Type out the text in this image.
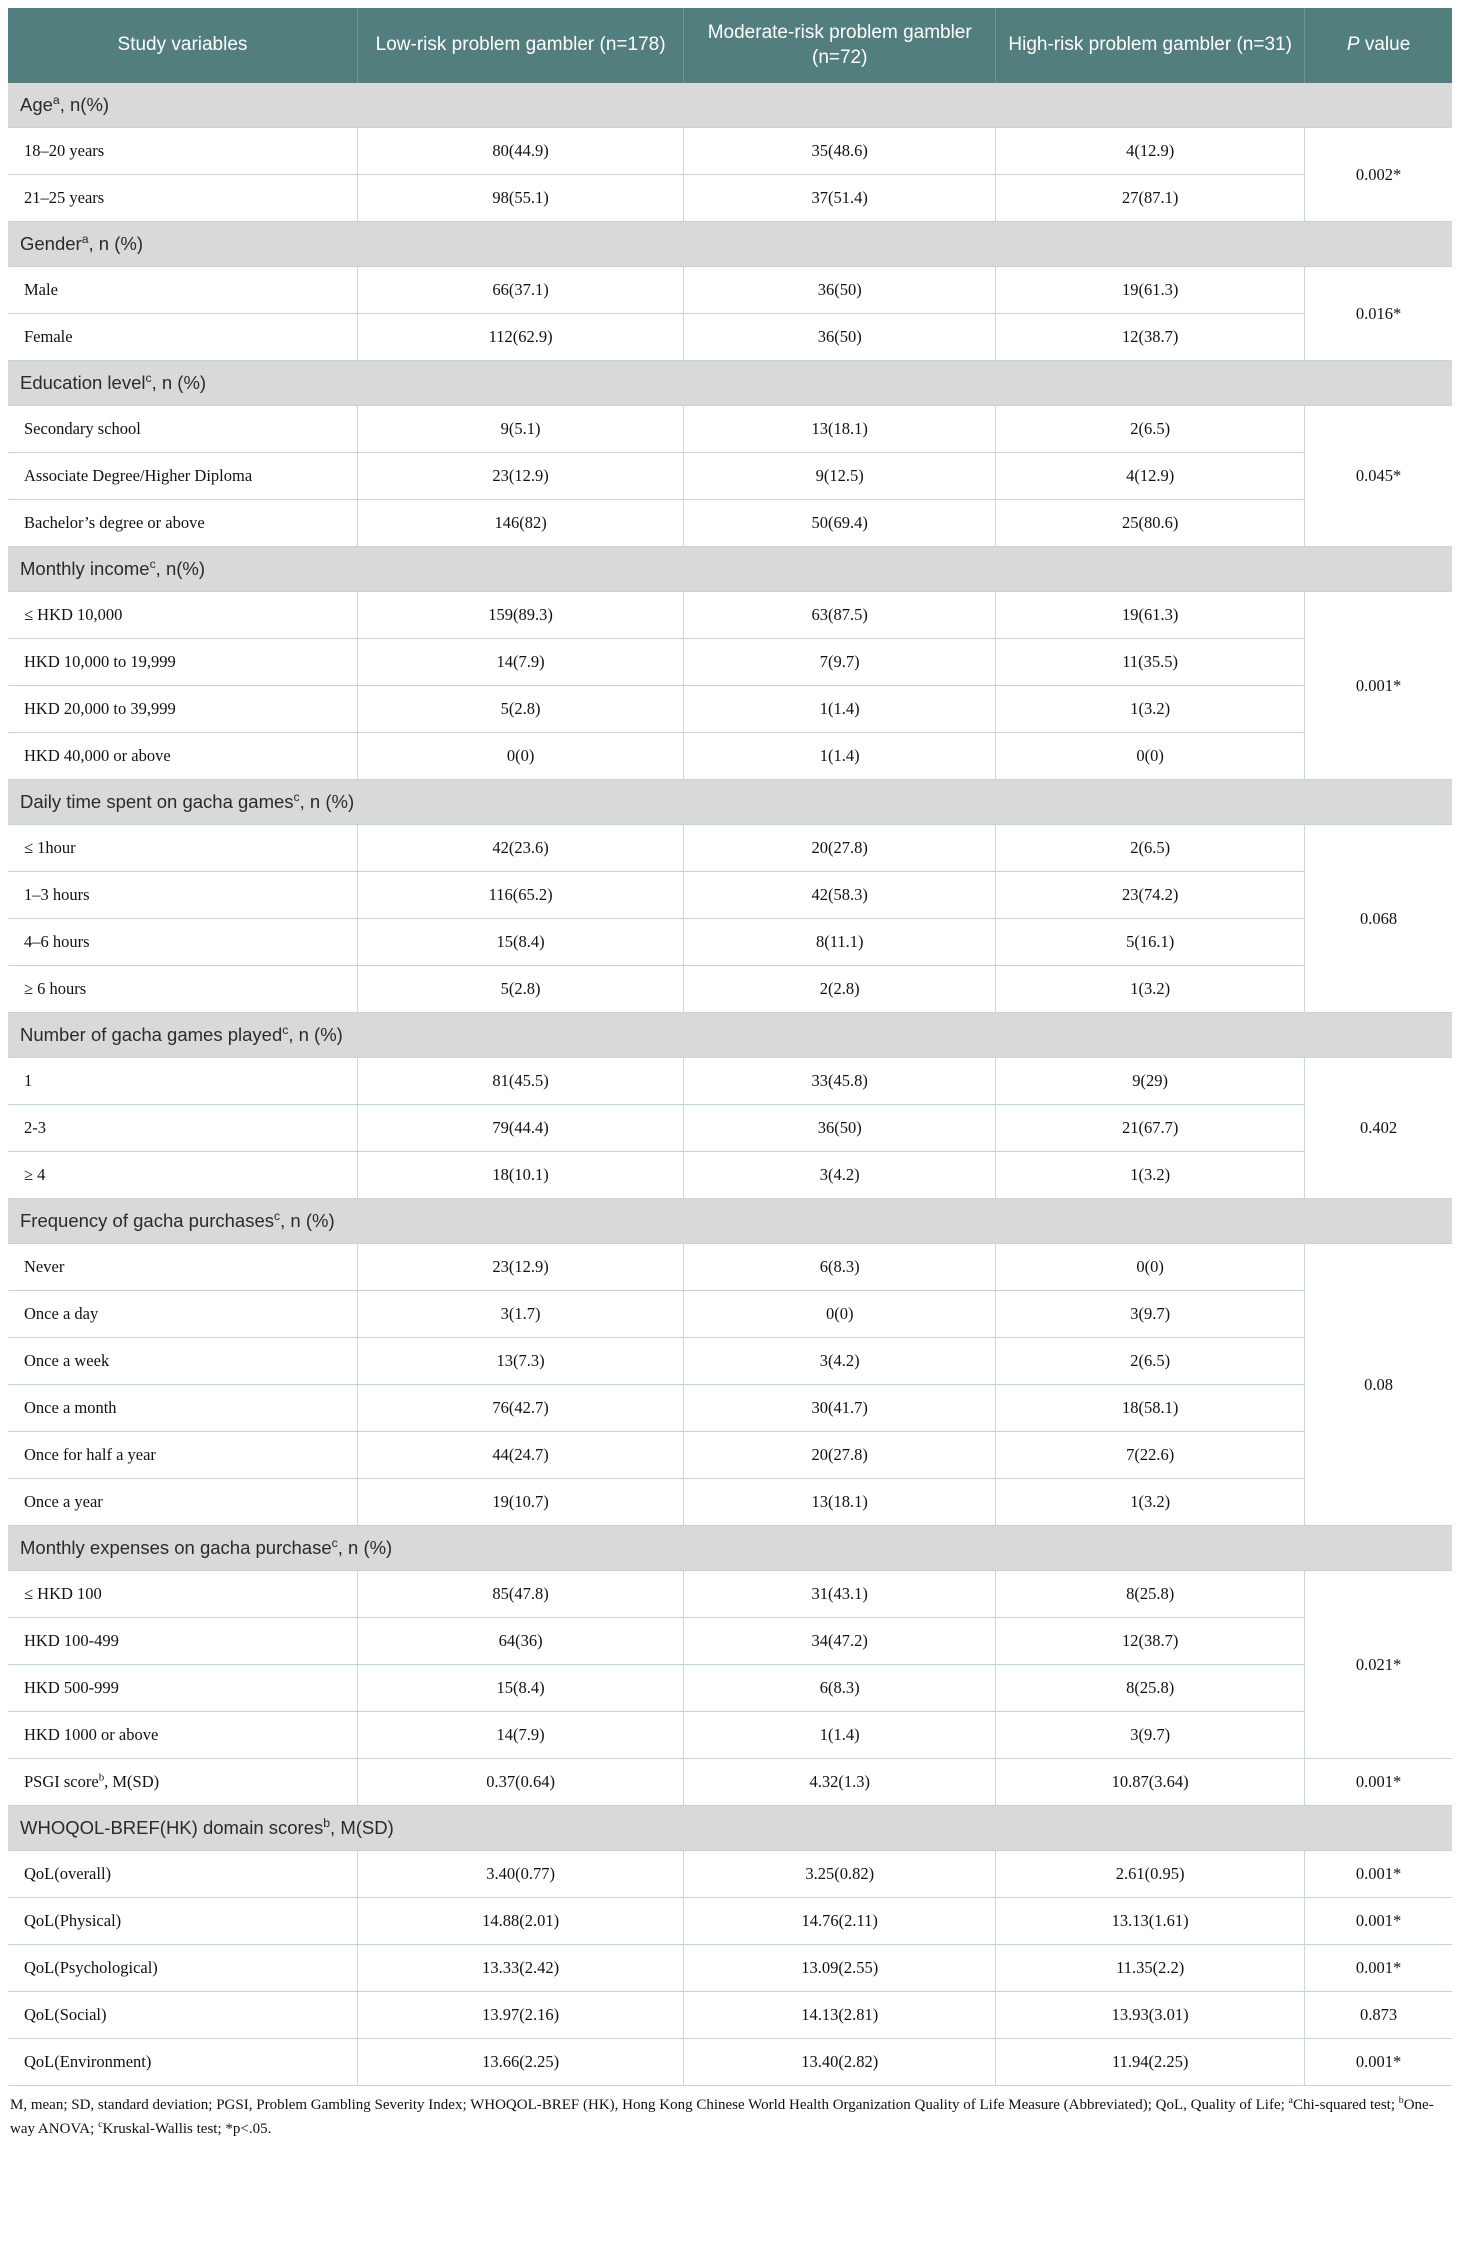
Study variables	Low-risk problem gambler (n=178)	Moderate-risk problem gambler (n=72)	High-risk problem gambler (n=31)	P value
Age$^a$, n(%)				
18–20 years	80(44.9)	35(48.6)	4(12.9)	0.002*
21–25 years	98(55.1)	37(51.4)	27(87.1)	
Gender$^a$, n (%)				
Male	66(37.1)	36(50)	19(61.3)	0.016*
Female	112(62.9)	36(50)	12(38.7)	
Education level$^c$, n (%)				
Secondary school	9(5.1)	13(18.1)	2(6.5)	0.045*
Associate Degree/Higher Diploma	23(12.9)	9(12.5)	4(12.9)	
Bachelor’s degree or above	146(82)	50(69.4)	25(80.6)	
Monthly income$^c$, n(%)				
≤ HKD 10,000	159(89.3)	63(87.5)	19(61.3)	0.001*
HKD 10,000 to 19,999	14(7.9)	7(9.7)	11(35.5)	
HKD 20,000 to 39,999	5(2.8)	1(1.4)	1(3.2)	
HKD 40,000 or above	0(0)	1(1.4)	0(0)	
Daily time spent on gacha games$^c$, n (%)				
≤ 1hour	42(23.6)	20(27.8)	2(6.5)	0.068
1–3 hours	116(65.2)	42(58.3)	23(74.2)	
4–6 hours	15(8.4)	8(11.1)	5(16.1)	
≥ 6 hours	5(2.8)	2(2.8)	1(3.2)	
Number of gacha games played$^c$, n (%)				
1	81(45.5)	33(45.8)	9(29)	0.402
2-3	79(44.4)	36(50)	21(67.7)	
≥ 4	18(10.1)	3(4.2)	1(3.2)	
Frequency of gacha purchases$^c$, n (%)				
Never	23(12.9)	6(8.3)	0(0)	0.08
Once a day	3(1.7)	0(0)	3(9.7)	
Once a week	13(7.3)	3(4.2)	2(6.5)	
Once a month	76(42.7)	30(41.7)	18(58.1)	
Once for half a year	44(24.7)	20(27.8)	7(22.6)	
Once a year	19(10.7)	13(18.1)	1(3.2)	
Monthly expenses on gacha purchase$^c$, n (%)				
≤ HKD 100	85(47.8)	31(43.1)	8(25.8)	0.021*
HKD 100-499	64(36)	34(47.2)	12(38.7)	
HKD 500-999	15(8.4)	6(8.3)	8(25.8)	
HKD 1000 or above	14(7.9)	1(1.4)	3(9.7)	
PSGI score$^b$, M(SD)	0.37(0.64)	4.32(1.3)	10.87(3.64)	0.001*
WHOQOL-BREF(HK) domain scores$^b$, M(SD)				
QoL(overall)	3.40(0.77)	3.25(0.82)	2.61(0.95)	0.001*
QoL(Physical)	14.88(2.01)	14.76(2.11)	13.13(1.61)	0.001*
QoL(Psychological)	13.33(2.42)	13.09(2.55)	11.35(2.2)	0.001*
QoL(Social)	13.97(2.16)	14.13(2.81)	13.93(3.01)	0.873
QoL(Environment)	13.66(2.25)	13.40(2.82)	11.94(2.25)	0.001*
M, mean; SD, standard deviation; PGSI, Problem Gambling Severity Index; WHOQOL-BREF (HK), Hong Kong Chinese World Health Organization Quality of Life Measure (Abbreviated); QoL, Quality of Life; $^a$Chi-squared test; $^b$One-way ANOVA; $^c$Kruskal-Wallis test; *p<.05.
